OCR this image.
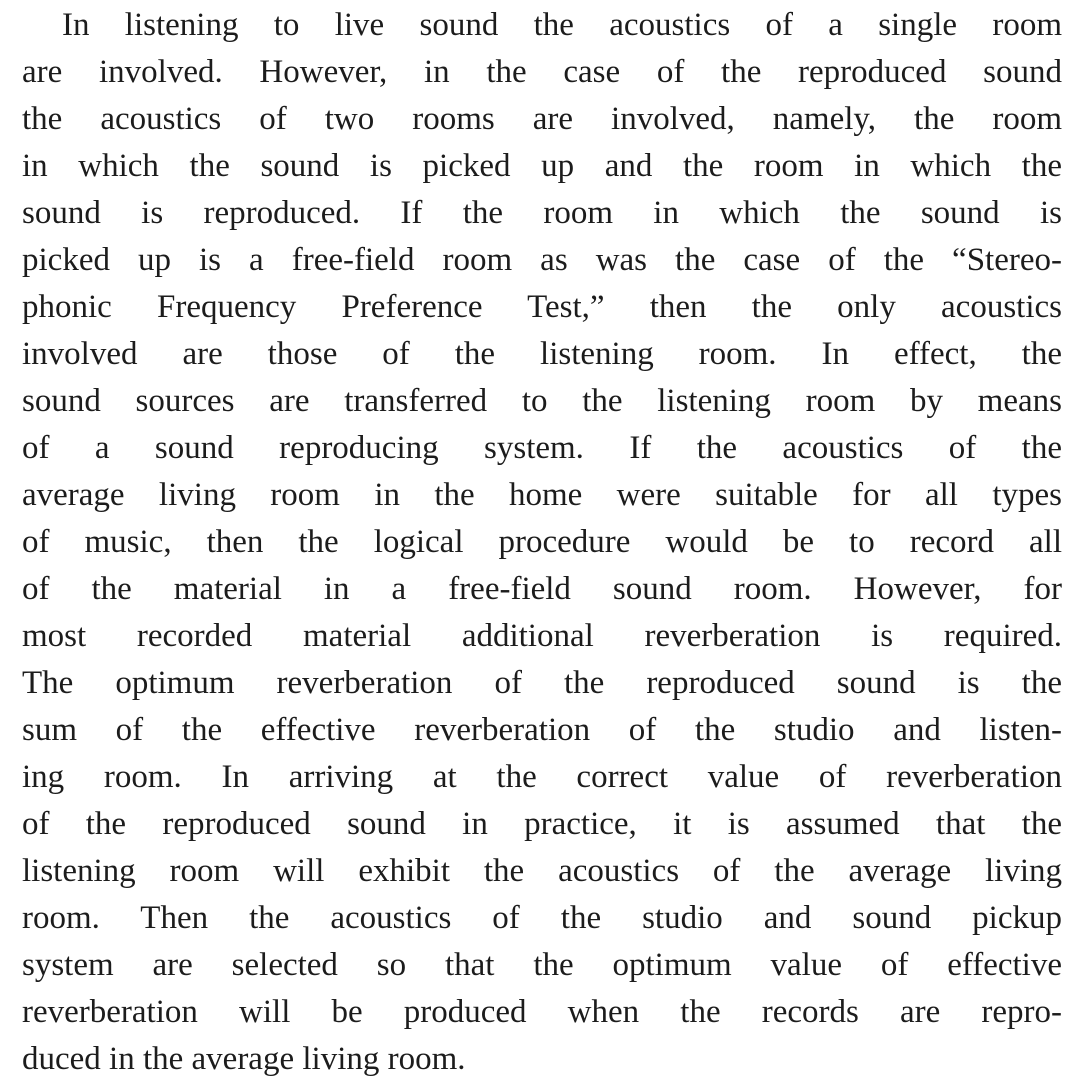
In listening to live sound the acoustics of a single room
are involved. However, in the case of the reproduced sound
the acoustics of two rooms are involved, namely, the room
in which the sound is picked up and the room in which the
sound is reproduced. If the room in which the sound is
picked up is a free-field room as was the case of the “Stereo-
phonic Frequency Preference Test,” then the only acoustics
involved are those of the listening room. In effect, the
sound sources are transferred to the listening room by means
of a sound reproducing system. If the acoustics of the
average living room in the home were suitable for all types
of music, then the logical procedure would be to record all
of the material in a free-field sound room. However, for
most recorded material additional reverberation is required.
The optimum reverberation of the reproduced sound is the
sum of the effective reverberation of the studio and listen-
ing room. In arriving at the correct value of reverberation
of the reproduced sound in practice, it is assumed that the
listening room will exhibit the acoustics of the average living
room. Then the acoustics of the studio and sound pickup
system are selected so that the optimum value of effective
reverberation will be produced when the records are repro-
duced in the average living room.
